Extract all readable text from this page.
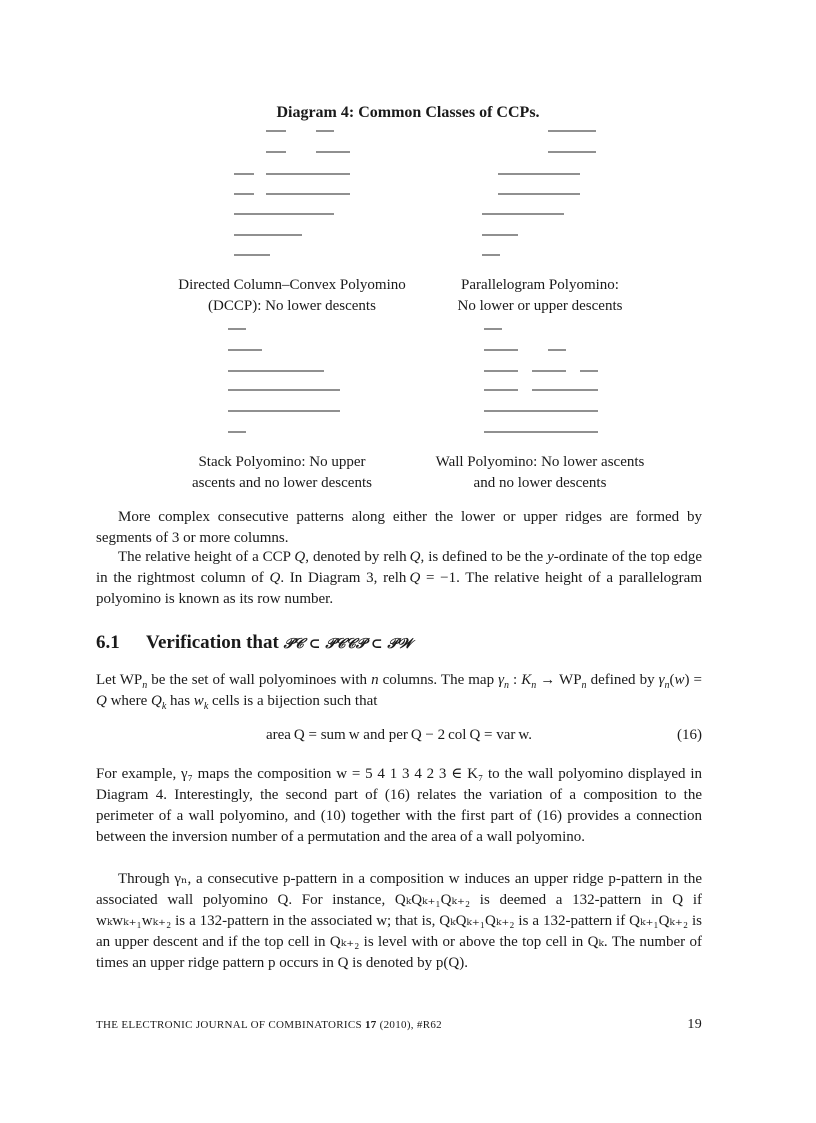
Diagram 4: Common Classes of CCPs.
Directed Column–Convex Polyomino
(DCCP): No lower descents
Parallelogram Polyomino:
No lower or upper descents
Stack Polyomino: No upper
ascents and no lower descents
Wall Polyomino: No lower ascents
and no lower descents
More complex consecutive patterns along either the lower or upper ridges are formed by segments of 3 or more columns.
The relative height of a CCP Q, denoted by relh Q, is defined to be the y-ordinate of the top edge in the rightmost column of Q. In Diagram 3, relh Q = −1. The relative height of a parallelogram polyomino is known as its row number.
6.1 Verification that 𝒫𝒞 ⊂ 𝒫𝒞𝒞𝒫 ⊂ 𝒫𝒲
Let $WP_n$ be the set of wall polyominoes with n columns. The map $\gamma_n$ : $K_n \to WP_n$ defined by $\gamma_n(w) = Q$ where $Q_k$ has $w_k$ cells is a bijection such that
area Q = sum w and per Q − 2 col Q = var w.	(16)
For example, γ₇ maps the composition w = 5 4 1 3 4 2 3 ∈ K₇ to the wall polyomino displayed in Diagram 4. Interestingly, the second part of (16) relates the variation of a composition to the perimeter of a wall polyomino, and (10) together with the first part of (16) provides a connection between the inversion number of a permutation and the area of a wall polyomino.
Through γₙ, a consecutive p-pattern in a composition w induces an upper ridge p-pattern in the associated wall polyomino Q. For instance, QₖQₖ₊₁Qₖ₊₂ is deemed a 132-pattern in Q if wₖwₖ₊₁wₖ₊₂ is a 132-pattern in the associated w; that is, QₖQₖ₊₁Qₖ₊₂ is a 132-pattern if Qₖ₊₁Qₖ₊₂ is an upper descent and if the top cell in Qₖ₊₂ is level with or above the top cell in Qₖ. The number of times an upper ridge pattern p occurs in Q is denoted by p(Q).
THE ELECTRONIC JOURNAL OF COMBINATORICS 17 (2010), #R62	19
